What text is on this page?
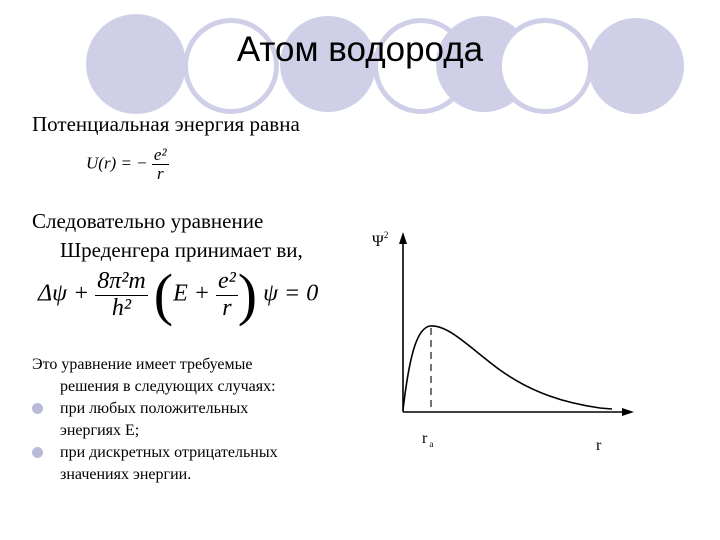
Атом водорода
Потенциальная энергия равна
U(r) = − $\frac{\text{e²}}{r}$
Следовательно уравнение
Шреденгера принимает ви,
$\Delta\psi + \frac{\text{8π²m}}{\text{h²}} (E + \frac{\text{e²}}{r}$ ) ψ = 0
Это уравнение имеет требуемые
решения в следующих случаях:
при любых положительных
энергиях E;
при дискретных отрицательных
значениях энергии.
$\Psi^2$
r $_a$	r
